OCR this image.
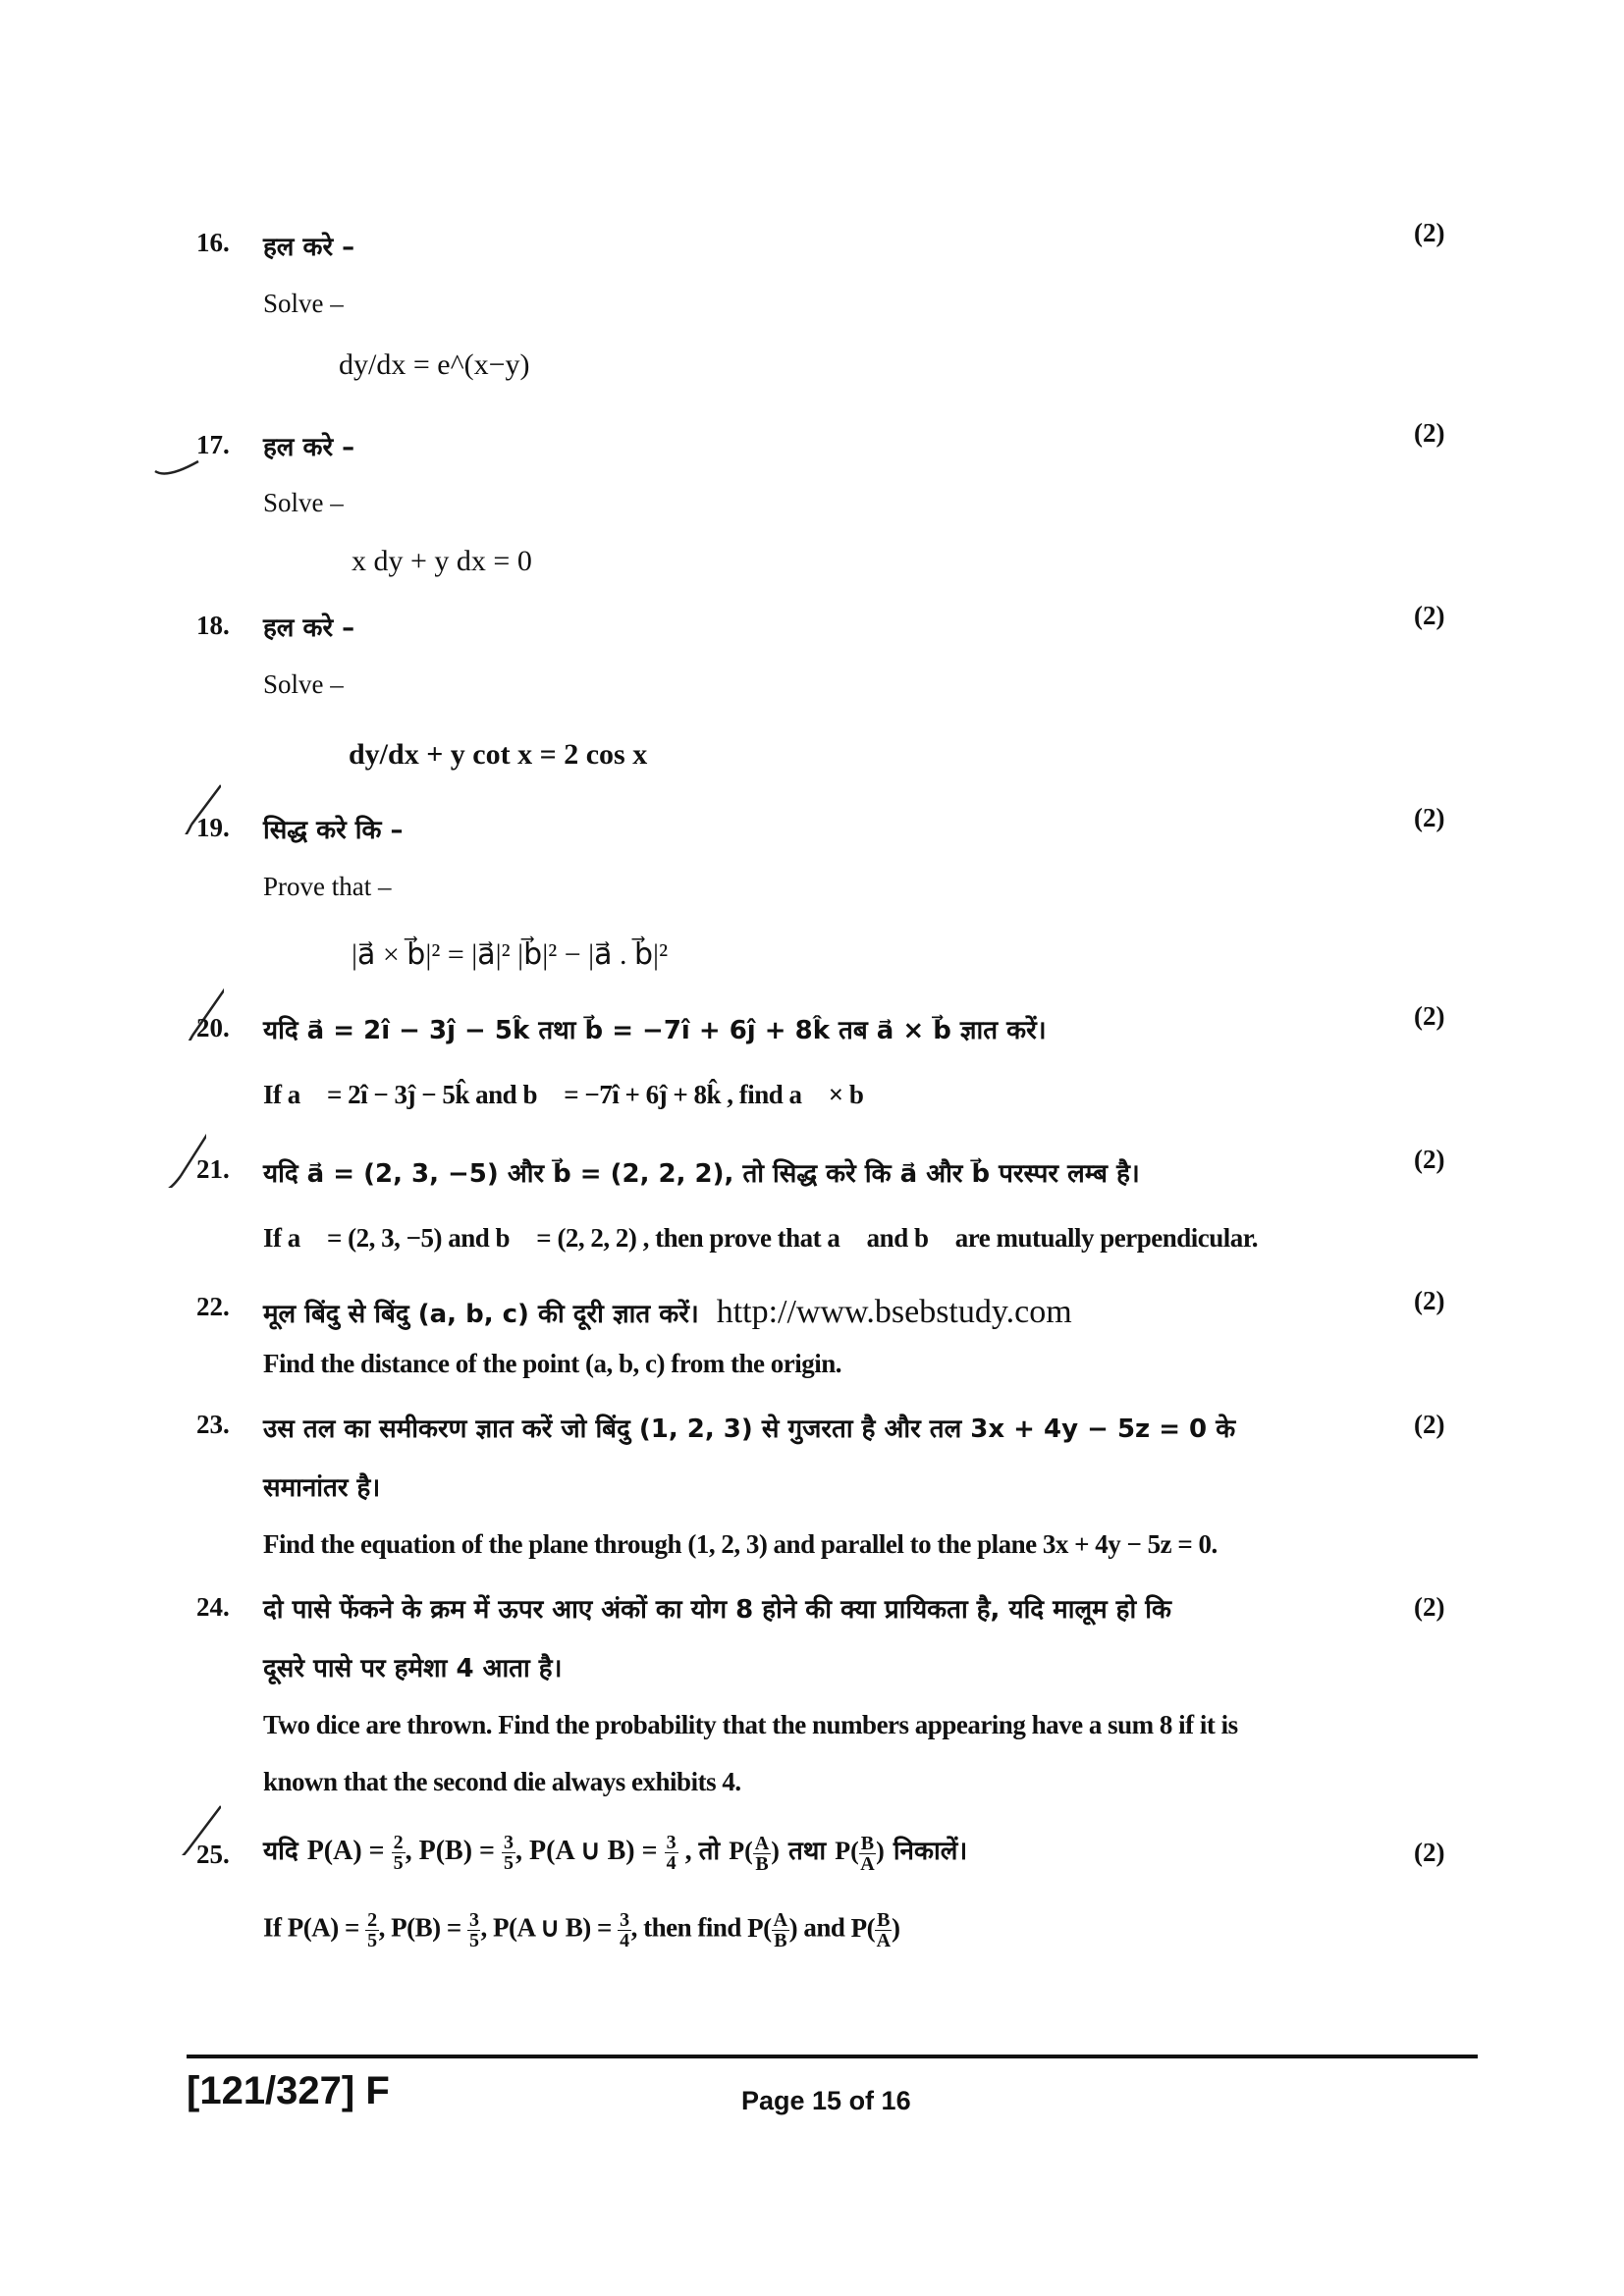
16.	(2)
हल करे –
Solve –
dy/dx = e^(x−y)
17.	(2)
हल करे –
Solve –
x dy + y dx = 0
18.	(2)
हल करे –
Solve –
dy/dx + y cot x = 2 cos x
19.	(2)
सिद्ध करे कि –
Prove that –
|a⃗ × b⃗|² = |a⃗|² |b⃗|² − |a⃗ . b⃗|²
20.	(2)
यदि a⃗ = 2î − 3ĵ − 5k̂ तथा b⃗ = −7î + 6ĵ + 8k̂ तब a⃗ × b⃗ ज्ञात करें।
If a⃗ = 2î − 3ĵ − 5k̂ and b⃗ = −7î + 6ĵ + 8k̂ , find a⃗ × b⃗
21.	(2)
यदि a⃗ = (2, 3, −5) और b⃗ = (2, 2, 2), तो सिद्ध करे कि a⃗ और b⃗ परस्पर लम्ब है।
If a⃗ = (2, 3, −5) and b⃗ = (2, 2, 2) , then prove that a⃗ and b⃗ are mutually perpendicular.
22.	(2)
मूल बिंदु से बिंदु (a, b, c) की दूरी ज्ञात करें। http://www.bsebstudy.com
Find the distance of the point (a, b, c) from the origin.
23.	(2)
उस तल का समीकरण ज्ञात करें जो बिंदु (1, 2, 3) से गुजरता है और तल 3x + 4y − 5z = 0 के
समानांतर है।
Find the equation of the plane through (1, 2, 3) and parallel to the plane 3x + 4y − 5z = 0.
24.	(2)
दो पासे फेंकने के क्रम में ऊपर आए अंकों का योग 8 होने की क्या प्रायिकता है, यदि मालूम हो कि
दूसरे पासे पर हमेशा 4 आता है।
Two dice are thrown. Find the probability that the numbers appearing have a sum 8 if it is
known that the second die always exhibits 4.
25.	(2)
यदि $P(A) = \frac{2}{5}$ , $P(B) = \frac{3}{5}$ , P(A ∪ $B) = \frac{3}{4}$ , तो $P( \frac{A}{B}$ ) तथा $P( \frac{B}{A}$ ) निकालें।
If $P(A) = \frac{2}{5}$ , $P(B) = \frac{3}{5}$ , P(A ∪ $B) = \frac{3}{4}$ , then find $P( \frac{A}{B}$ ) and $P( \frac{B}{A}$ )
[121/327] F	Page 15 of 16
